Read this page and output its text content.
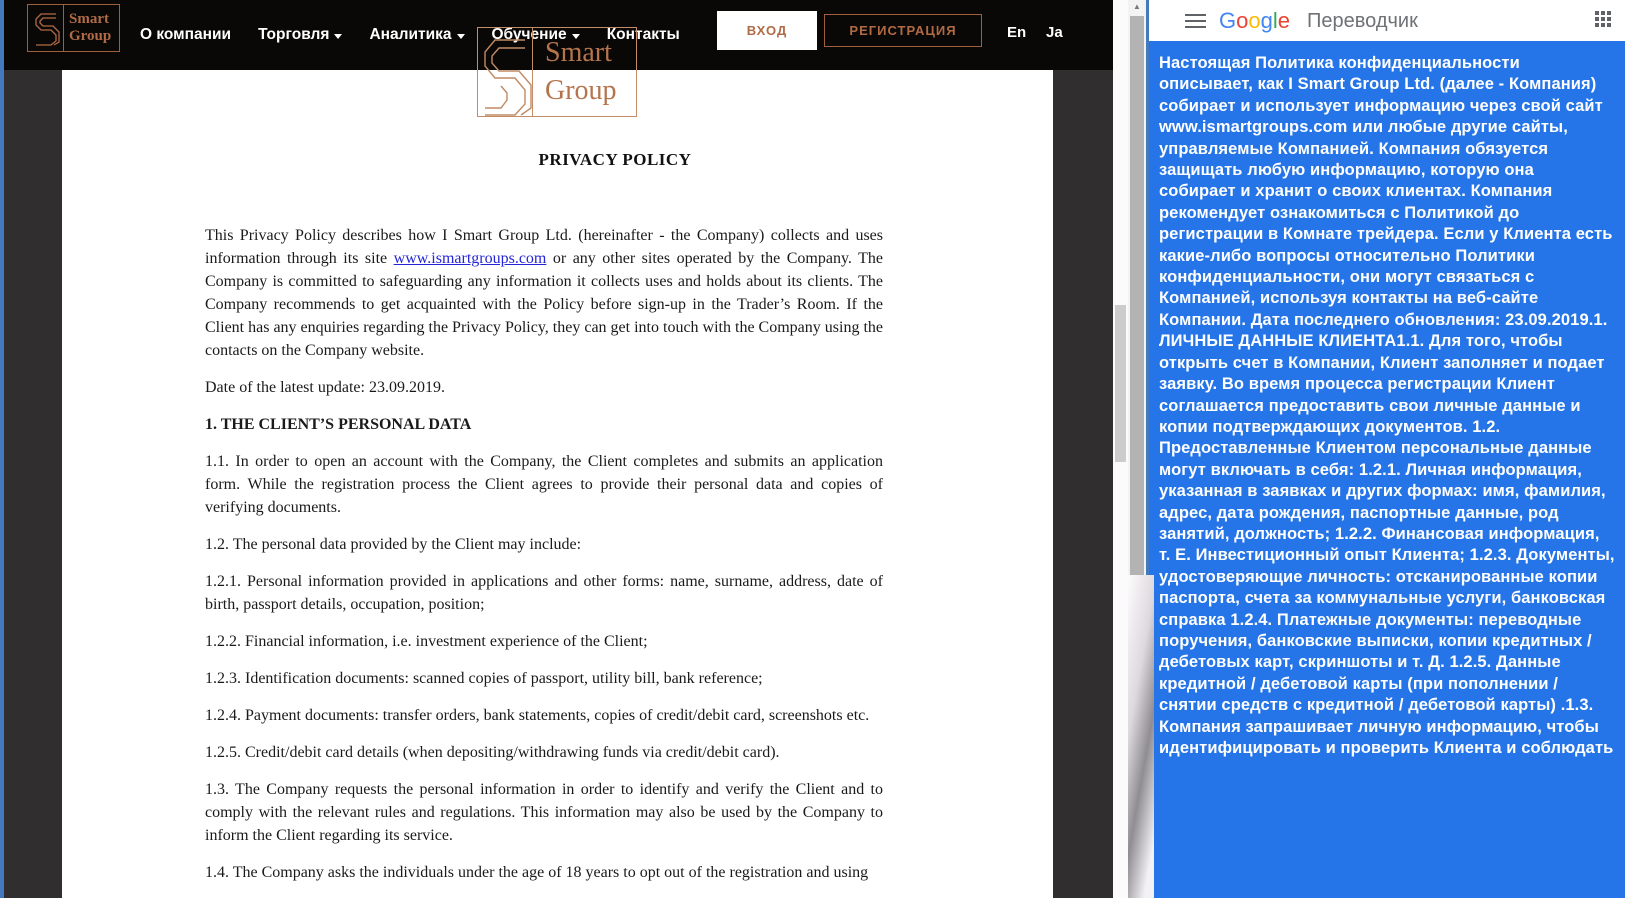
Smart
Group	О компании Торговля	Аналитика	Обучение	Контакты	ВХОД	РЕГИСТРАЦИЯ	En Ja
Smart
Group
PRIVACY POLICY

This Privacy Policy describes how I Smart Group Ltd. (hereinafter - the Company) collects and uses information through its site www.ismartgroups.com or any other sites operated by the Company. The Company is committed to safeguarding any information it collects uses and holds about its clients. The Company recommends to get acquainted with the Policy before sign-up in the Trader’s Room. If the Client has any enquiries regarding the Privacy Policy, they can get into touch with the Company using the contacts on the Company website.

Date of the latest update: 23.09.2019.

1. THE CLIENT’S PERSONAL DATA

1.1. In order to open an account with the Company, the Client completes and submits an application form. While the registration process the Client agrees to provide their personal data and copies of verifying documents.

1.2. The personal data provided by the Client may include:

1.2.1. Personal information provided in applications and other forms: name, surname, address, date of birth, passport details, occupation, position;

1.2.2. Financial information, i.e. investment experience of the Client;

1.2.3. Identification documents: scanned copies of passport, utility bill, bank reference;

1.2.4. Payment documents: transfer orders, bank statements, copies of credit/debit card, screenshots etc.

1.2.5. Credit/debit card details (when depositing/withdrawing funds via credit/debit card).

1.3. The Company requests the personal information in order to identify and verify the Client and to comply with the relevant rules and regulations. This information may also be used by the Company to inform the Client regarding its service.

1.4. The Company asks the individuals under the age of 18 years to opt out of the registration and using

▲
Google Переводчик
Настоящая Политика конфиденциальности описывает, как I Smart Group Ltd. (далее - Компания) собирает и использует информацию через свой сайт www.ismartgroups.com или любые другие сайты, управляемые Компанией. Компания обязуется защищать любую информацию, которую она собирает и хранит о своих клиентах. Компания рекомендует ознакомиться с Политикой до регистрации в Комнате трейдера. Если у Клиента есть какие-либо вопросы относительно Политики конфиденциальности, они могут связаться с Компанией, используя контакты на веб-сайте Компании. Дата последнего обновления: 23.09.2019.1. ЛИЧНЫЕ ДАННЫЕ КЛИЕНТА1.1. Для того, чтобы открыть счет в Компании, Клиент заполняет и подает заявку. Во время процесса регистрации Клиент соглашается предоставить свои личные данные и копии подтверждающих документов. 1.2. Предоставленные Клиентом персональные данные могут включать в себя: 1.2.1. Личная информация, указанная в заявках и других формах: имя, фамилия, адрес, дата рождения, паспортные данные, род занятий, должность; 1.2.2. Финансовая информация, т. Е. Инвестиционный опыт Клиента; 1.2.3. Документы, удостоверяющие личность: отсканированные копии паспорта, счета за коммунальные услуги, банковская справка 1.2.4. Платежные документы: переводные поручения, банковские выписки, копии кредитных / дебетовых карт, скриншоты и т. Д. 1.2.5. Данные кредитной / дебетовой карты (при пополнении / снятии средств с кредитной / дебетовой карты) .1.3. Компания запрашивает личную информацию, чтобы идентифицировать и проверить Клиента и соблюдать
